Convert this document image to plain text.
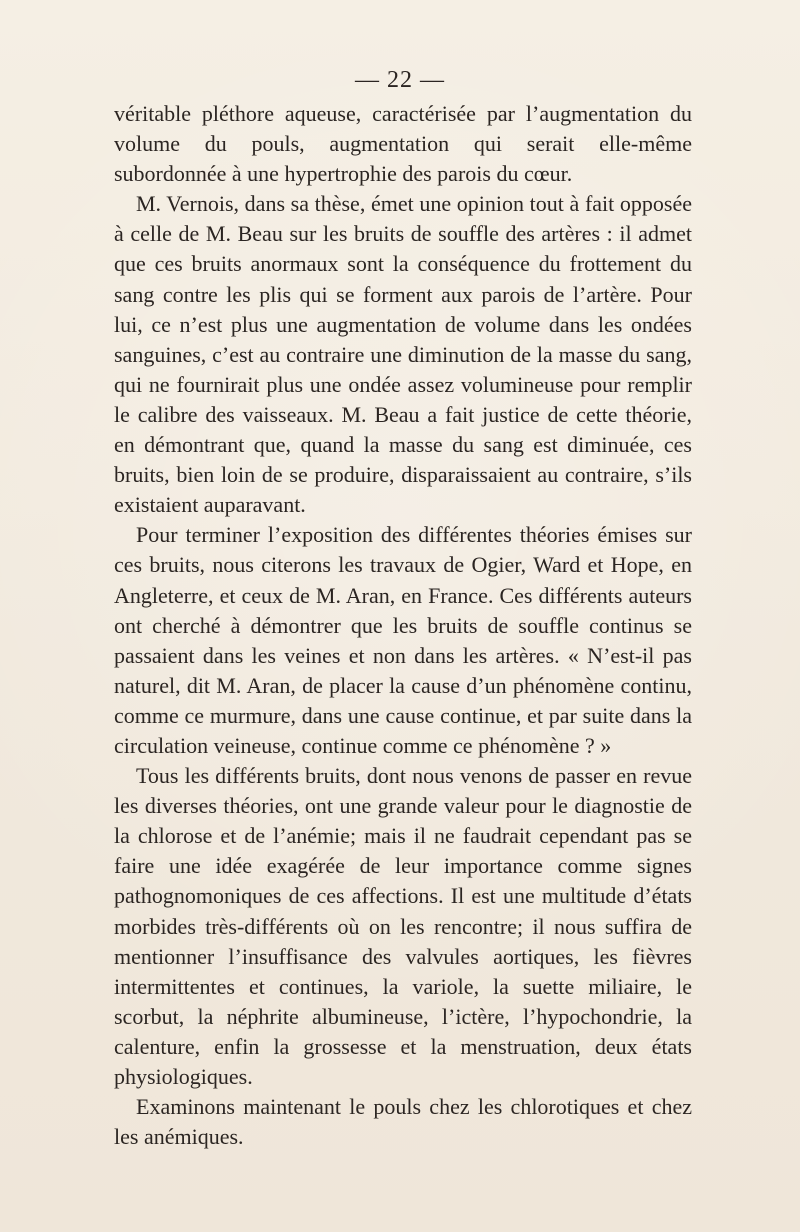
— 22 —

véritable pléthore aqueuse, caractérisée par l’augmentation du volume du pouls, augmentation qui serait elle-même subordonnée à une hypertrophie des parois du cœur.

M. Vernois, dans sa thèse, émet une opinion tout à fait opposée à celle de M. Beau sur les bruits de souffle des artères : il admet que ces bruits anormaux sont la conséquence du frottement du sang contre les plis qui se forment aux parois de l’artère. Pour lui, ce n’est plus une augmentation de volume dans les ondées sanguines, c’est au contraire une diminution de la masse du sang, qui ne fournirait plus une ondée assez volumineuse pour remplir le calibre des vaisseaux. M. Beau a fait justice de cette théorie, en démontrant que, quand la masse du sang est diminuée, ces bruits, bien loin de se produire, disparaissaient au contraire, s’ils existaient auparavant.

Pour terminer l’exposition des différentes théories émises sur ces bruits, nous citerons les travaux de Ogier, Ward et Hope, en Angleterre, et ceux de M. Aran, en France. Ces différents auteurs ont cherché à démontrer que les bruits de souffle continus se passaient dans les veines et non dans les artères. « N’est-il pas naturel, dit M. Aran, de placer la cause d’un phénomène continu, comme ce murmure, dans une cause continue, et par suite dans la circulation veineuse, continue comme ce phénomène ? »

Tous les différents bruits, dont nous venons de passer en revue les diverses théories, ont une grande valeur pour le diagnostie de la chlorose et de l’anémie; mais il ne faudrait cependant pas se faire une idée exagérée de leur importance comme signes pathognomoniques de ces affections. Il est une multitude d’états morbides très-différents où on les rencontre; il nous suffira de mentionner l’insuffisance des valvules aortiques, les fièvres intermittentes et continues, la variole, la suette miliaire, le scorbut, la néphrite albumineuse, l’ictère, l’hypochondrie, la calenture, enfin la grossesse et la menstruation, deux états physiologiques.

Examinons maintenant le pouls chez les chlorotiques et chez les anémiques.
